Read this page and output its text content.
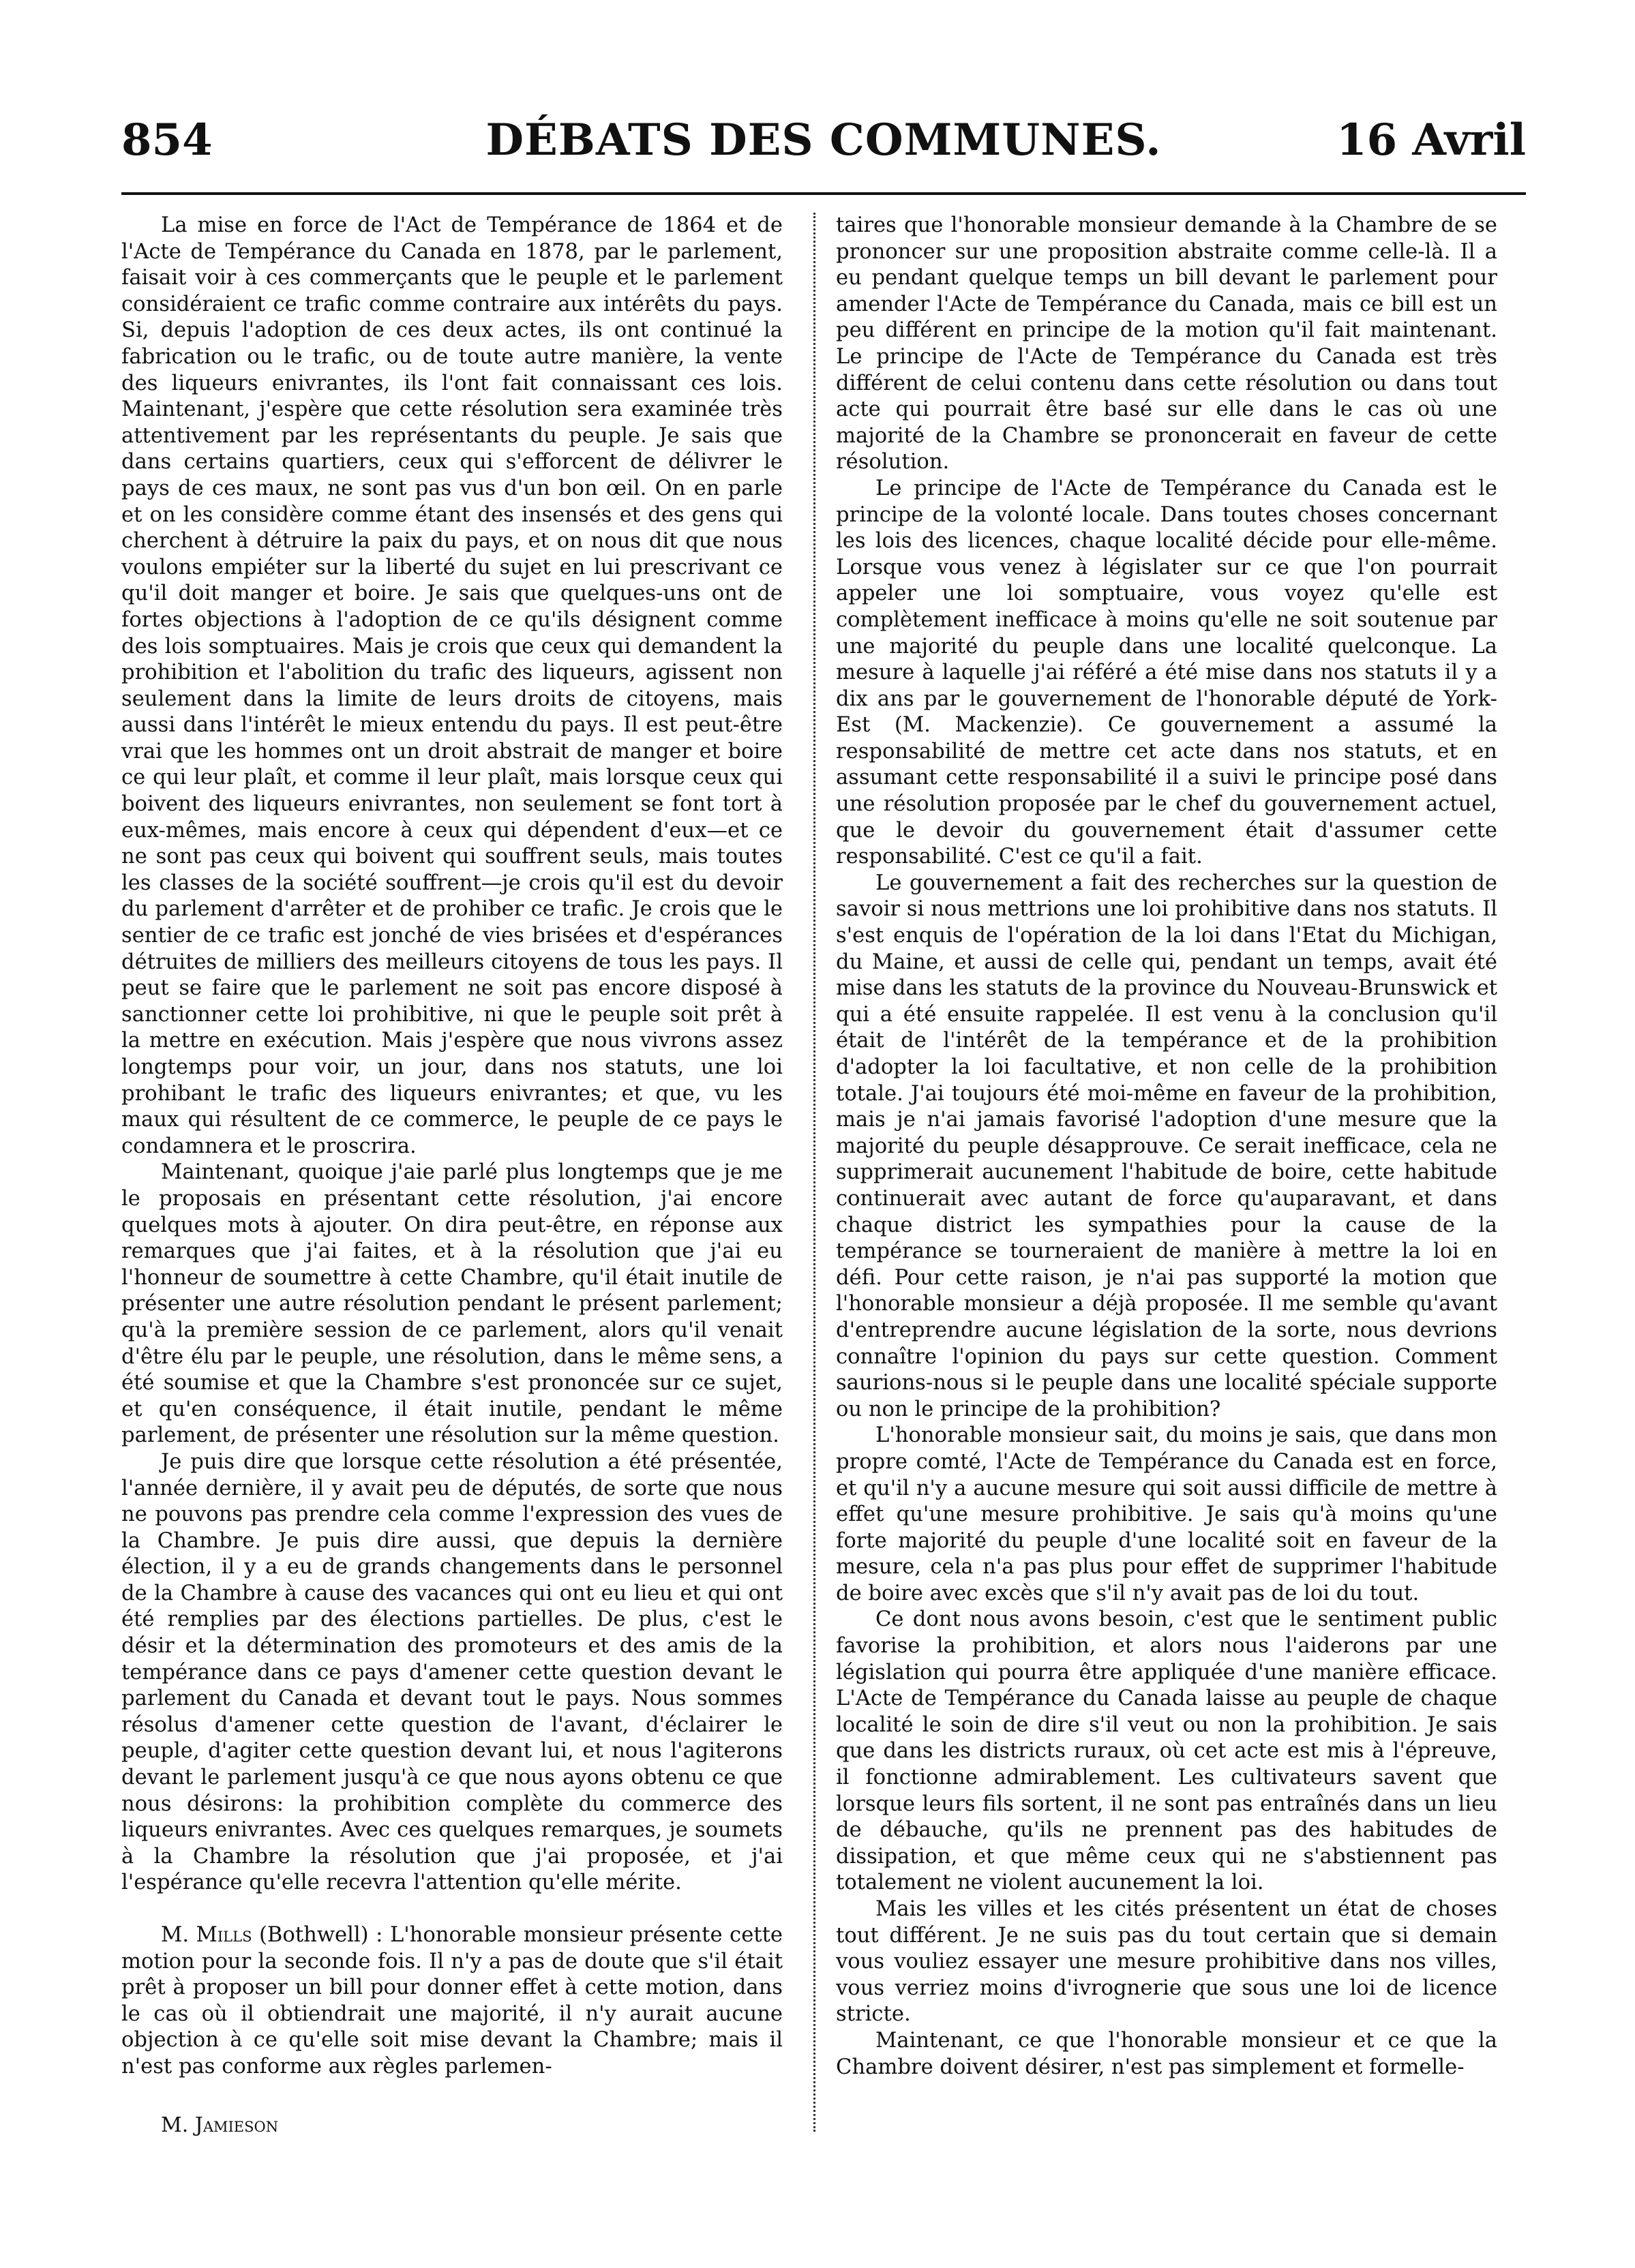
854	DÉBATS DES COMMUNES.	16 Avril

La mise en force de l'Act de Tempérance de 1864 et de l'Acte de Tempérance du Canada en 1878, par le parlement, faisait voir à ces commerçants que le peuple et le parlement considéraient ce trafic comme contraire aux intérêts du pays. Si, depuis l'adoption de ces deux actes, ils ont continué la fabrication ou le trafic, ou de toute autre manière, la vente des liqueurs enivrantes, ils l'ont fait connaissant ces lois. Maintenant, j'espère que cette résolution sera examinée très attentivement par les représentants du peuple. Je sais que dans certains quartiers, ceux qui s'efforcent de délivrer le pays de ces maux, ne sont pas vus d'un bon œil. On en parle et on les considère comme étant des insensés et des gens qui cherchent à détruire la paix du pays, et on nous dit que nous voulons empiéter sur la liberté du sujet en lui prescrivant ce qu'il doit manger et boire. Je sais que quelques-uns ont de fortes objections à l'adoption de ce qu'ils désignent comme des lois somptuaires. Mais je crois que ceux qui demandent la prohibition et l'abolition du trafic des liqueurs, agissent non seulement dans la limite de leurs droits de citoyens, mais aussi dans l'intérêt le mieux entendu du pays. Il est peut-être vrai que les hommes ont un droit abstrait de manger et boire ce qui leur plaît, et comme il leur plaît, mais lorsque ceux qui boivent des liqueurs enivrantes, non seulement se font tort à eux-mêmes, mais encore à ceux qui dépendent d'eux—et ce ne sont pas ceux qui boivent qui souffrent seuls, mais toutes les classes de la société souffrent—je crois qu'il est du devoir du parlement d'arrêter et de prohiber ce trafic. Je crois que le sentier de ce trafic est jonché de vies brisées et d'espérances détruites de milliers des meilleurs citoyens de tous les pays. Il peut se faire que le parlement ne soit pas encore disposé à sanctionner cette loi prohibitive, ni que le peuple soit prêt à la mettre en exécution. Mais j'espère que nous vivrons assez longtemps pour voir, un jour, dans nos statuts, une loi prohibant le trafic des liqueurs enivrantes; et que, vu les maux qui résultent de ce commerce, le peuple de ce pays le condamnera et le proscrira.

Maintenant, quoique j'aie parlé plus longtemps que je me le proposais en présentant cette résolution, j'ai encore quelques mots à ajouter. On dira peut-être, en réponse aux remarques que j'ai faites, et à la résolution que j'ai eu l'honneur de soumettre à cette Chambre, qu'il était inutile de présenter une autre résolution pendant le présent parlement; qu'à la première session de ce parlement, alors qu'il venait d'être élu par le peuple, une résolution, dans le même sens, a été soumise et que la Chambre s'est prononcée sur ce sujet, et qu'en conséquence, il était inutile, pendant le même parlement, de présenter une résolution sur la même question.

Je puis dire que lorsque cette résolution a été présentée, l'année dernière, il y avait peu de députés, de sorte que nous ne pouvons pas prendre cela comme l'expression des vues de la Chambre. Je puis dire aussi, que depuis la dernière élection, il y a eu de grands changements dans le personnel de la Chambre à cause des vacances qui ont eu lieu et qui ont été remplies par des élections partielles. De plus, c'est le désir et la détermination des promoteurs et des amis de la tempérance dans ce pays d'amener cette question devant le parlement du Canada et devant tout le pays. Nous sommes résolus d'amener cette question de l'avant, d'éclairer le peuple, d'agiter cette question devant lui, et nous l'agiterons devant le parlement jusqu'à ce que nous ayons obtenu ce que nous désirons: la prohibition complète du commerce des liqueurs enivrantes. Avec ces quelques remarques, je soumets à la Chambre la résolution que j'ai proposée, et j'ai l'espérance qu'elle recevra l'attention qu'elle mérite.

M. Mills (Bothwell) : L'honorable monsieur présente cette motion pour la seconde fois. Il n'y a pas de doute que s'il était prêt à proposer un bill pour donner effet à cette motion, dans le cas où il obtiendrait une majorité, il n'y aurait aucune objection à ce qu'elle soit mise devant la Chambre; mais il n'est pas conforme aux règles parlemen-

taires que l'honorable monsieur demande à la Chambre de se prononcer sur une proposition abstraite comme celle-là. Il a eu pendant quelque temps un bill devant le parlement pour amender l'Acte de Tempérance du Canada, mais ce bill est un peu différent en principe de la motion qu'il fait maintenant. Le principe de l'Acte de Tempérance du Canada est très différent de celui contenu dans cette résolution ou dans tout acte qui pourrait être basé sur elle dans le cas où une majorité de la Chambre se prononcerait en faveur de cette résolution.

Le principe de l'Acte de Tempérance du Canada est le principe de la volonté locale. Dans toutes choses concernant les lois des licences, chaque localité décide pour elle-même. Lorsque vous venez à législater sur ce que l'on pourrait appeler une loi somptuaire, vous voyez qu'elle est complètement inefficace à moins qu'elle ne soit soutenue par une majorité du peuple dans une localité quelconque. La mesure à laquelle j'ai référé a été mise dans nos statuts il y a dix ans par le gouvernement de l'honorable député de York-Est (M. Mackenzie). Ce gouvernement a assumé la responsabilité de mettre cet acte dans nos statuts, et en assumant cette responsabilité il a suivi le principe posé dans une résolution proposée par le chef du gouvernement actuel, que le devoir du gouvernement était d'assumer cette responsabilité. C'est ce qu'il a fait.

Le gouvernement a fait des recherches sur la question de savoir si nous mettrions une loi prohibitive dans nos statuts. Il s'est enquis de l'opération de la loi dans l'Etat du Michigan, du Maine, et aussi de celle qui, pendant un temps, avait été mise dans les statuts de la province du Nouveau-Brunswick et qui a été ensuite rappelée. Il est venu à la conclusion qu'il était de l'intérêt de la tempérance et de la prohibition d'adopter la loi facultative, et non celle de la prohibition totale. J'ai toujours été moi-même en faveur de la prohibition, mais je n'ai jamais favorisé l'adoption d'une mesure que la majorité du peuple désapprouve. Ce serait inefficace, cela ne supprimerait aucunement l'habitude de boire, cette habitude continuerait avec autant de force qu'auparavant, et dans chaque district les sympathies pour la cause de la tempérance se tourneraient de manière à mettre la loi en défi. Pour cette raison, je n'ai pas supporté la motion que l'honorable monsieur a déjà proposée. Il me semble qu'avant d'entreprendre aucune législation de la sorte, nous devrions connaître l'opinion du pays sur cette question. Comment saurions-nous si le peuple dans une localité spéciale supporte ou non le principe de la prohibition?

L'honorable monsieur sait, du moins je sais, que dans mon propre comté, l'Acte de Tempérance du Canada est en force, et qu'il n'y a aucune mesure qui soit aussi difficile de mettre à effet qu'une mesure prohibitive. Je sais qu'à moins qu'une forte majorité du peuple d'une localité soit en faveur de la mesure, cela n'a pas plus pour effet de supprimer l'habitude de boire avec excès que s'il n'y avait pas de loi du tout.

Ce dont nous avons besoin, c'est que le sentiment public favorise la prohibition, et alors nous l'aiderons par une législation qui pourra être appliquée d'une manière efficace. L'Acte de Tempérance du Canada laisse au peuple de chaque localité le soin de dire s'il veut ou non la prohibition. Je sais que dans les districts ruraux, où cet acte est mis à l'épreuve, il fonctionne admirablement. Les cultivateurs savent que lorsque leurs fils sortent, il ne sont pas entraînés dans un lieu de débauche, qu'ils ne prennent pas des habitudes de dissipation, et que même ceux qui ne s'abstiennent pas totalement ne violent aucunement la loi.

Mais les villes et les cités présentent un état de choses tout différent. Je ne suis pas du tout certain que si demain vous vouliez essayer une mesure prohibitive dans nos villes, vous verriez moins d'ivrognerie que sous une loi de licence stricte.

Maintenant, ce que l'honorable monsieur et ce que la Chambre doivent désirer, n'est pas simplement et formelle-

M. Jamieson
